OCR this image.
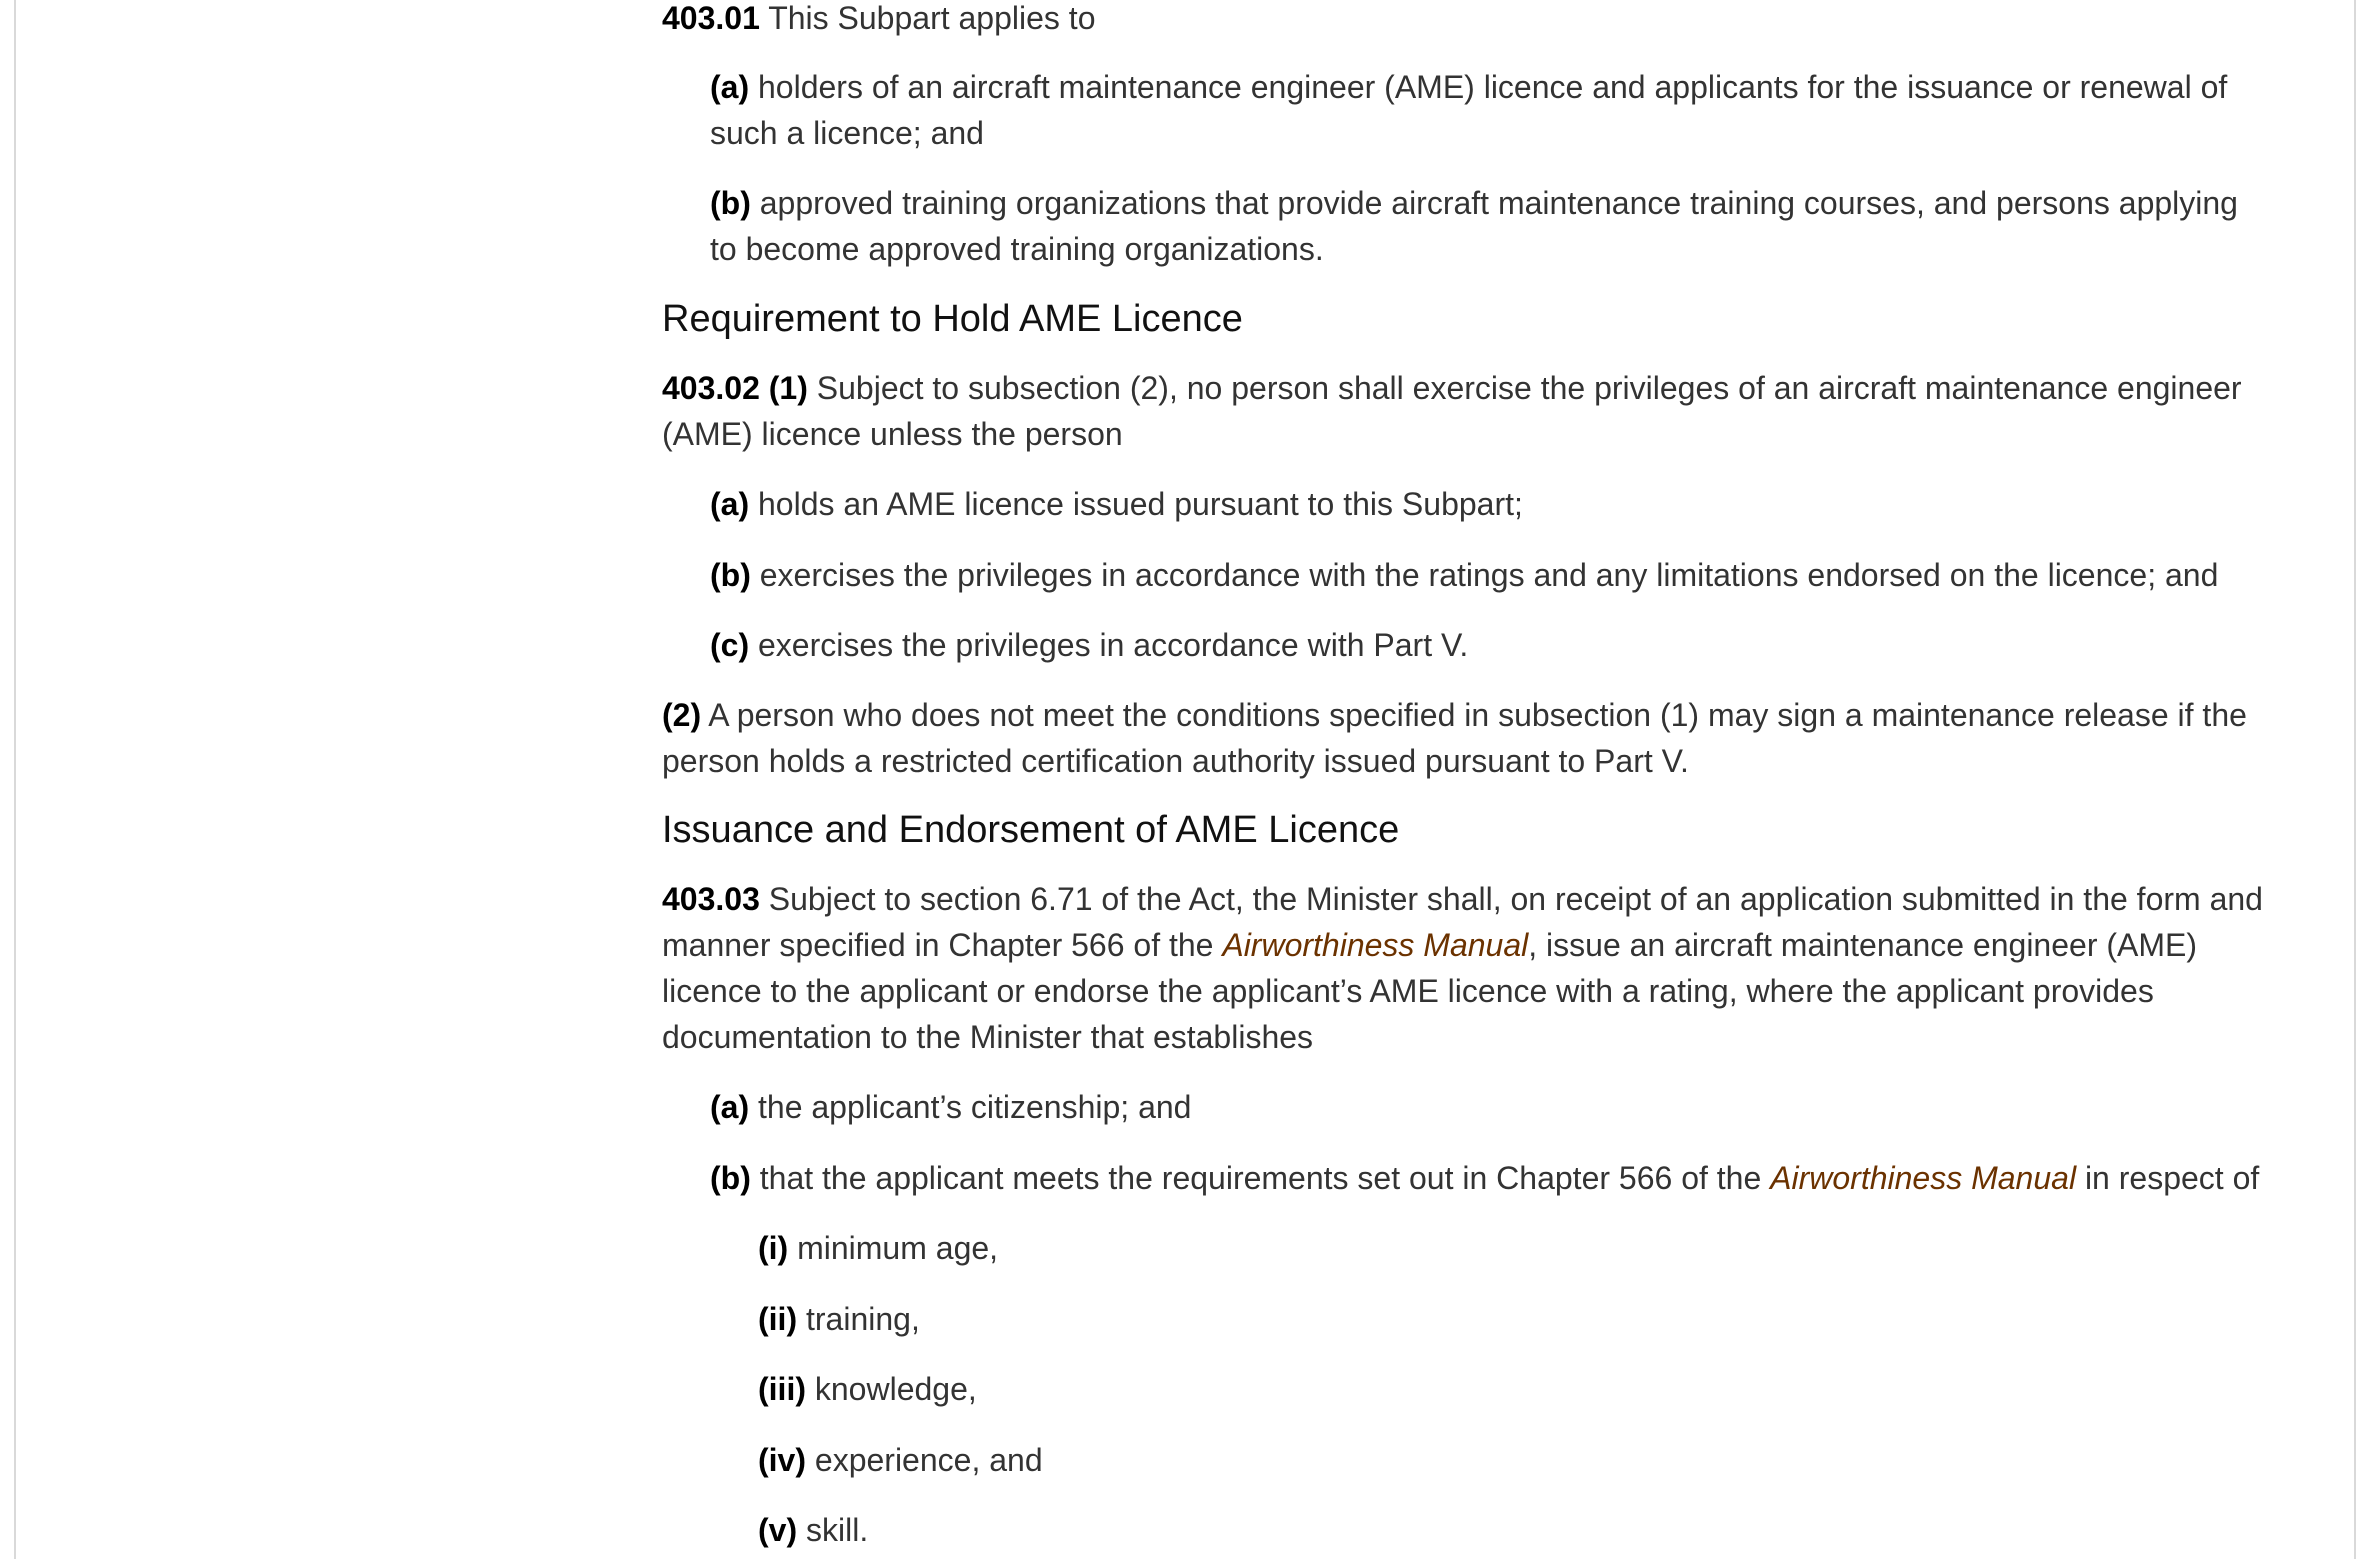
403.01 This Subpart applies to

(a) holders of an aircraft maintenance engineer (AME) licence and applicants for the issuance or renewal of such a licence; and

(b) approved training organizations that provide aircraft maintenance training courses, and persons applying to become approved training organizations.

Requirement to Hold AME Licence

403.02 (1) Subject to subsection (2), no person shall exercise the privileges of an aircraft maintenance engineer (AME) licence unless the person

(a) holds an AME licence issued pursuant to this Subpart;

(b) exercises the privileges in accordance with the ratings and any limitations endorsed on the licence; and

(c) exercises the privileges in accordance with Part V.

(2) A person who does not meet the conditions specified in subsection (1) may sign a maintenance release if the person holds a restricted certification authority issued pursuant to Part V.

Issuance and Endorsement of AME Licence

403.03 Subject to section 6.71 of the Act, the Minister shall, on receipt of an application submitted in the form and manner specified in Chapter 566 of the Airworthiness Manual, issue an aircraft maintenance engineer (AME) licence to the applicant or endorse the applicant’s AME licence with a rating, where the applicant provides documentation to the Minister that establishes

(a) the applicant’s citizenship; and

(b) that the applicant meets the requirements set out in Chapter 566 of the Airworthiness Manual in respect of

(i) minimum age,

(ii) training,

(iii) knowledge,

(iv) experience, and

(v) skill.
